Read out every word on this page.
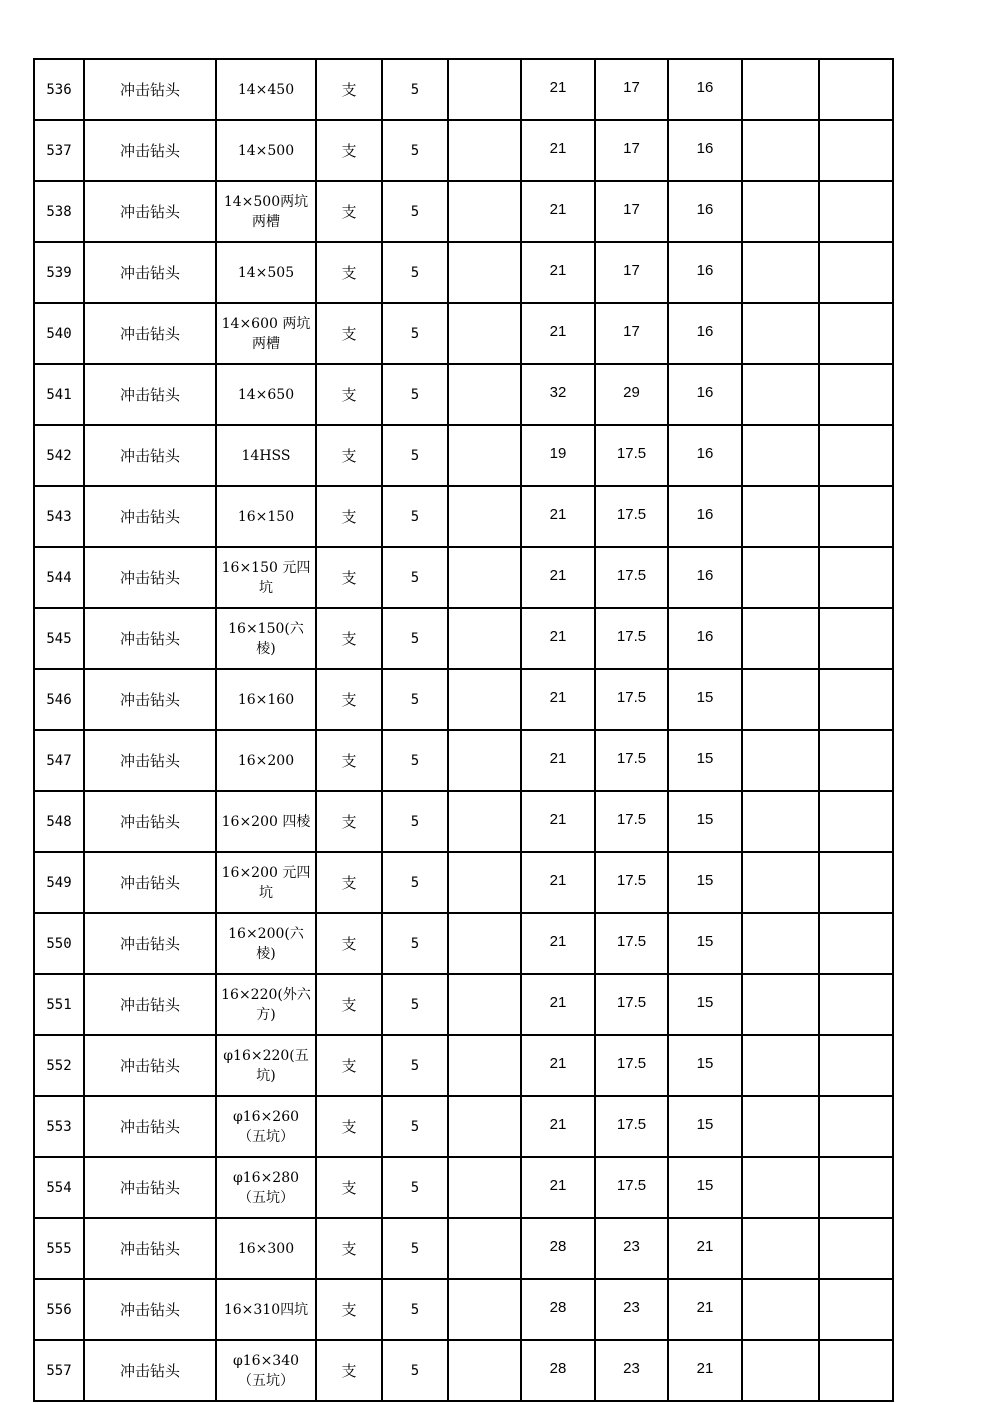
536	冲击钻头	14×450	支	5		21	17	16		
537	冲击钻头	14×500	支	5		21	17	16		
538	冲击钻头	14×500两坑两槽	支	5		21	17	16		
539	冲击钻头	14×505	支	5		21	17	16		
540	冲击钻头	14×600 两坑两槽	支	5		21	17	16		
541	冲击钻头	14×650	支	5		32	29	16		
542	冲击钻头	14HSS	支	5		19	17.5	16		
543	冲击钻头	16×150	支	5		21	17.5	16		
544	冲击钻头	16×150 元四坑	支	5		21	17.5	16		
545	冲击钻头	16×150(六棱)	支	5		21	17.5	16		
546	冲击钻头	16×160	支	5		21	17.5	15		
547	冲击钻头	16×200	支	5		21	17.5	15		
548	冲击钻头	16×200 四棱	支	5		21	17.5	15		
549	冲击钻头	16×200 元四坑	支	5		21	17.5	15		
550	冲击钻头	16×200(六棱)	支	5		21	17.5	15		
551	冲击钻头	16×220(外六方)	支	5		21	17.5	15		
552	冲击钻头	φ16×220(五坑)	支	5		21	17.5	15		
553	冲击钻头	φ16×260（五坑）	支	5		21	17.5	15		
554	冲击钻头	φ16×280（五坑）	支	5		21	17.5	15		
555	冲击钻头	16×300	支	5		28	23	21		
556	冲击钻头	16×310四坑	支	5		28	23	21		
557	冲击钻头	φ16×340（五坑）	支	5		28	23	21		
